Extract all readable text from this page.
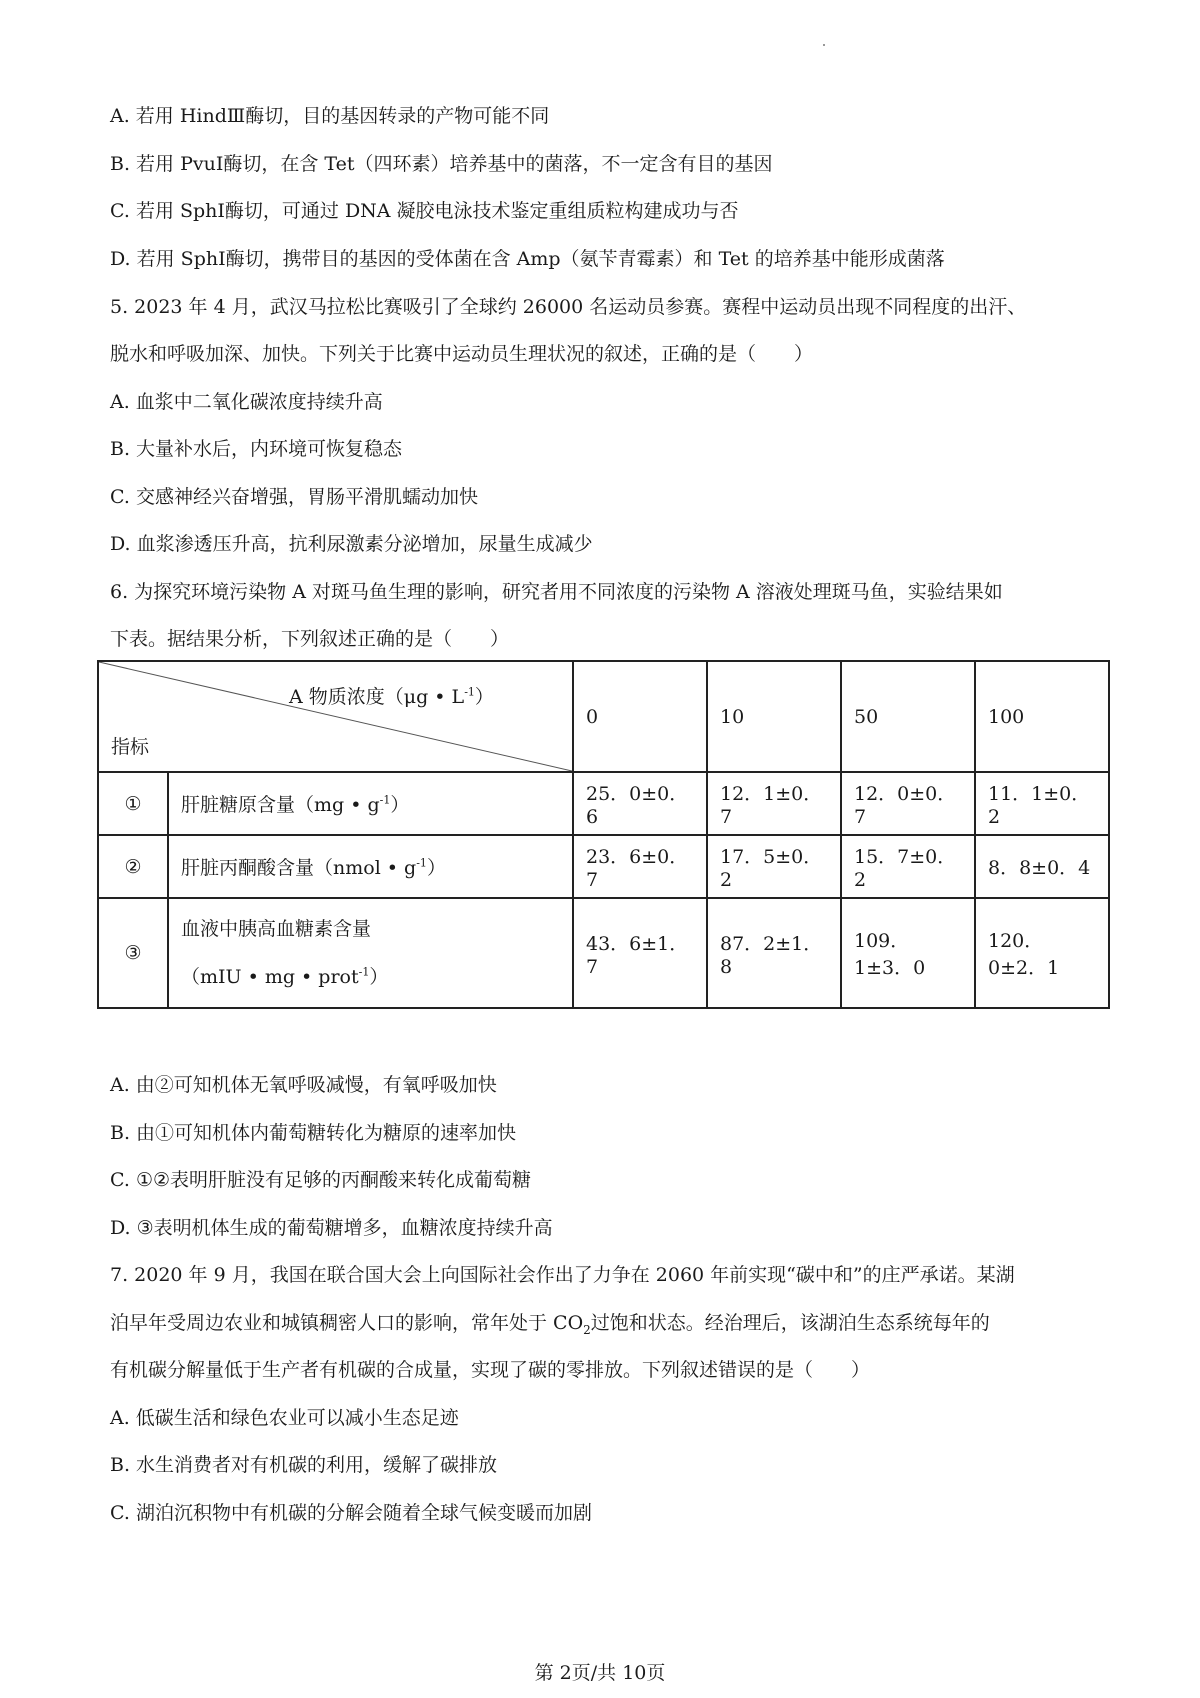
A. 若用 HindⅢ酶切，目的基因转录的产物可能不同
B. 若用 PvuⅠ酶切，在含 Tet（四环素）培养基中的菌落，不一定含有目的基因
C. 若用 SphⅠ酶切，可通过 DNA 凝胶电泳技术鉴定重组质粒构建成功与否
D. 若用 SphⅠ酶切，携带目的基因的受体菌在含 Amp（氨苄青霉素）和 Tet 的培养基中能形成菌落
5. 2023 年 4 月，武汉马拉松比赛吸引了全球约 26000 名运动员参赛。赛程中运动员出现不同程度的出汗、
脱水和呼吸加深、加快。下列关于比赛中运动员生理状况的叙述，正确的是（　　）
A. 血浆中二氧化碳浓度持续升高
B. 大量补水后，内环境可恢复稳态
C. 交感神经兴奋增强，胃肠平滑肌蠕动加快
D. 血浆渗透压升高，抗利尿激素分泌增加，尿量生成减少
6. 为探究环境污染物 A 对斑马鱼生理的影响，研究者用不同浓度的污染物 A 溶液处理斑马鱼，实验结果如
下表。据结果分析，下列叙述正确的是（　　）
A 物质浓度（μg • $L^{-1}$）
指标		0	10	50	100
①	肝脏糖原含量（mg • $g^{-1}$）	25．0±0．6	12．1±0．7	12．0±0．7	11．1±0．2
②	肝脏丙酮酸含量（nmol • $g^{-1}$）	23．6±0．7	17．5±0．2	15．7±0．2	8．8±0．4
③	血液中胰高血糖素含量
（mIU • mg • prot$^{-1}$）	43．6±1．7	87．2±1．8	109．1±3．0	120．0±2．1
A. 由②可知机体无氧呼吸减慢，有氧呼吸加快
B. 由①可知机体内葡萄糖转化为糖原的速率加快
C. ①②表明肝脏没有足够的丙酮酸来转化成葡萄糖
D. ③表明机体生成的葡萄糖增多，血糖浓度持续升高
7. 2020 年 9 月，我国在联合国大会上向国际社会作出了力争在 2060 年前实现“碳中和”的庄严承诺。某湖
泊早年受周边农业和城镇稠密人口的影响，常年处于 $CO_2$过饱和状态。经治理后，该湖泊生态系统每年的
有机碳分解量低于生产者有机碳的合成量，实现了碳的零排放。下列叙述错误的是（　　）
A. 低碳生活和绿色农业可以减小生态足迹
B. 水生消费者对有机碳的利用，缓解了碳排放
C. 湖泊沉积物中有机碳的分解会随着全球气候变暖而加剧
第 2页/共 10页
